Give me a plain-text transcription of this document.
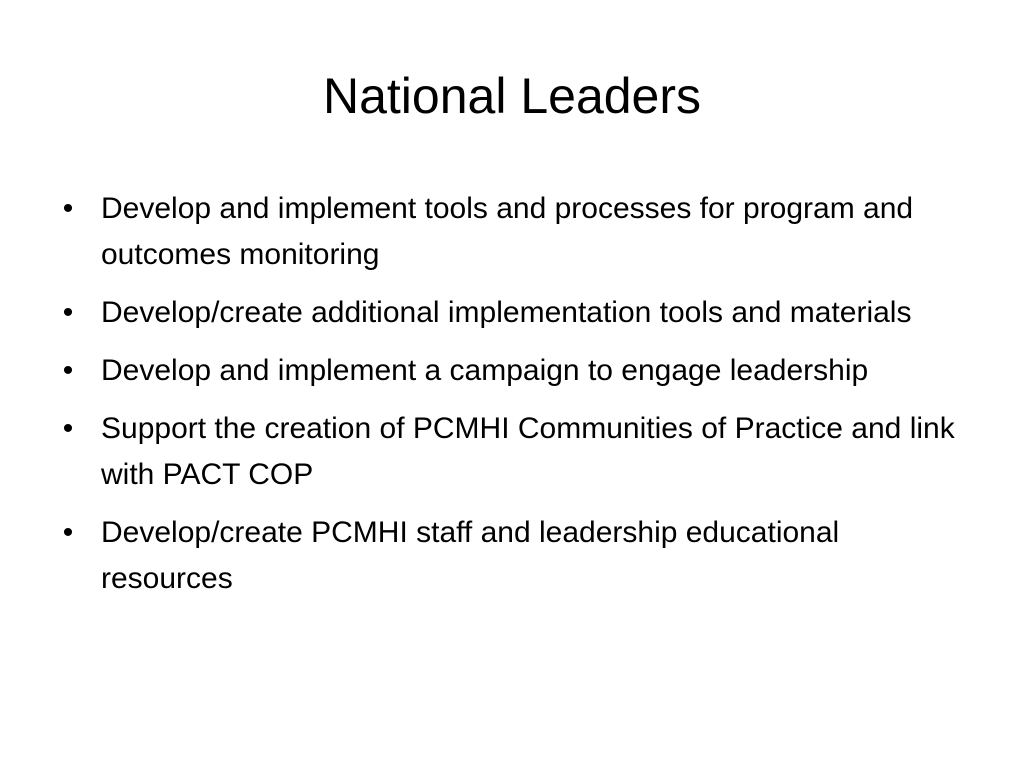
National Leaders
• Develop and implement tools and processes for program and outcomes monitoring
• Develop/create additional implementation tools and materials
• Develop and implement a campaign to engage leadership
• Support the creation of PCMHI Communities of Practice and link with PACT COP
• Develop/create PCMHI staff and leadership educational resources
